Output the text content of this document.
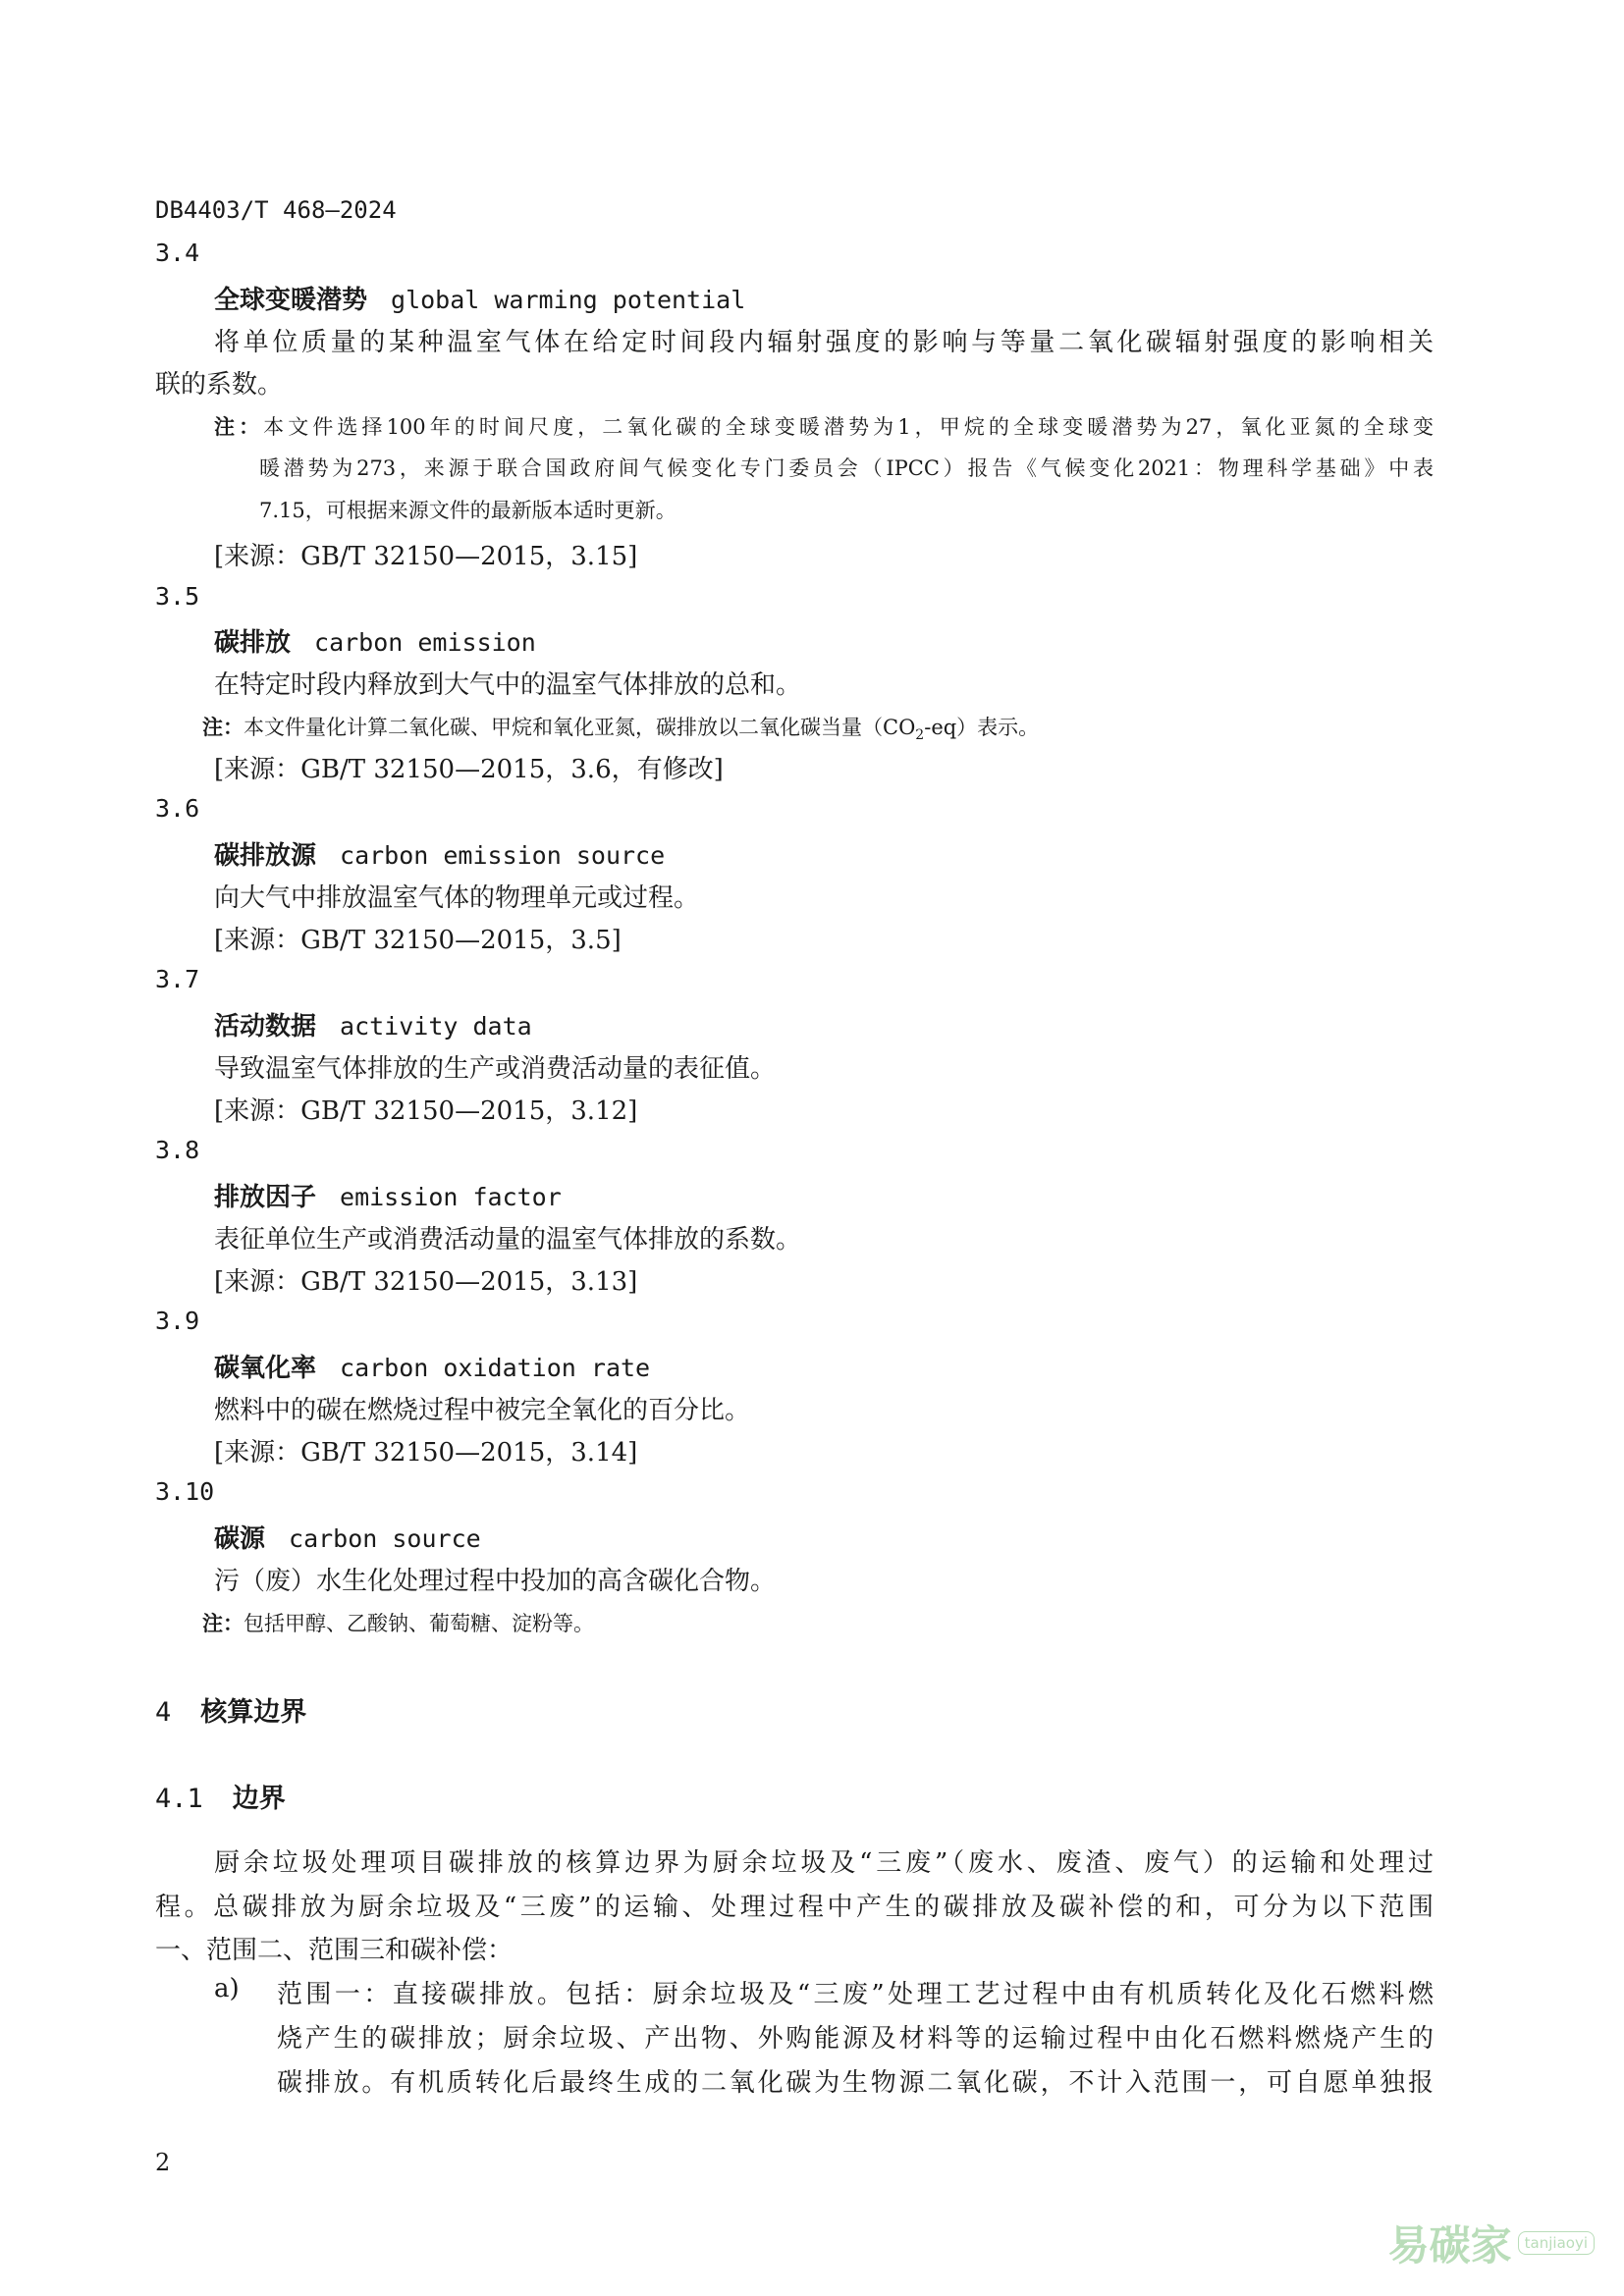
DB4403/T 468—2024
3.4
全球变暖潜势 global warming potential
将单位质量的某种温室气体在给定时间段内辐射强度的影响与等量二氧化碳辐射强度的影响相关
联的系数。
注：本文件选择100年的时间尺度，二氧化碳的全球变暖潜势为1，甲烷的全球变暖潜势为27，氧化亚氮的全球变
暖潜势为273，来源于联合国政府间气候变化专门委员会（IPCC）报告《气候变化2021：物理科学基础》中表
7.15，可根据来源文件的最新版本适时更新。
[来源：GB/T 32150—2015，3.15]
3.5
碳排放 carbon emission
在特定时段内释放到大气中的温室气体排放的总和。
注：本文件量化计算二氧化碳、甲烷和氧化亚氮，碳排放以二氧化碳当量$(CO_2-eq)$表示。
[来源：GB/T 32150—2015，3.6，有修改]
3.6
碳排放源 carbon emission source
向大气中排放温室气体的物理单元或过程。
[来源：GB/T 32150—2015，3.5]
3.7
活动数据 activity data
导致温室气体排放的生产或消费活动量的表征值。
[来源：GB/T 32150—2015，3.12]
3.8
排放因子 emission factor
表征单位生产或消费活动量的温室气体排放的系数。
[来源：GB/T 32150—2015，3.13]
3.9
碳氧化率 carbon oxidation rate
燃料中的碳在燃烧过程中被完全氧化的百分比。
[来源：GB/T 32150—2015，3.14]
3.10
碳源 carbon source
污（废）水生化处理过程中投加的高含碳化合物。
注：包括甲醇、乙酸钠、葡萄糖、淀粉等。
4 核算边界
4.1 边界
厨余垃圾处理项目碳排放的核算边界为厨余垃圾及“三废”（废水、废渣、废气）的运输和处理过
程。总碳排放为厨余垃圾及“三废”的运输、处理过程中产生的碳排放及碳补偿的和，可分为以下范围
一、范围二、范围三和碳补偿：
a) 范围一：直接碳排放。包括：厨余垃圾及“三废”处理工艺过程中由有机质转化及化石燃料燃
烧产生的碳排放；厨余垃圾、产出物、外购能源及材料等的运输过程中由化石燃料燃烧产生的
碳排放。有机质转化后最终生成的二氧化碳为生物源二氧化碳，不计入范围一，可自愿单独报
2
易碳家 tanjiaoyi
